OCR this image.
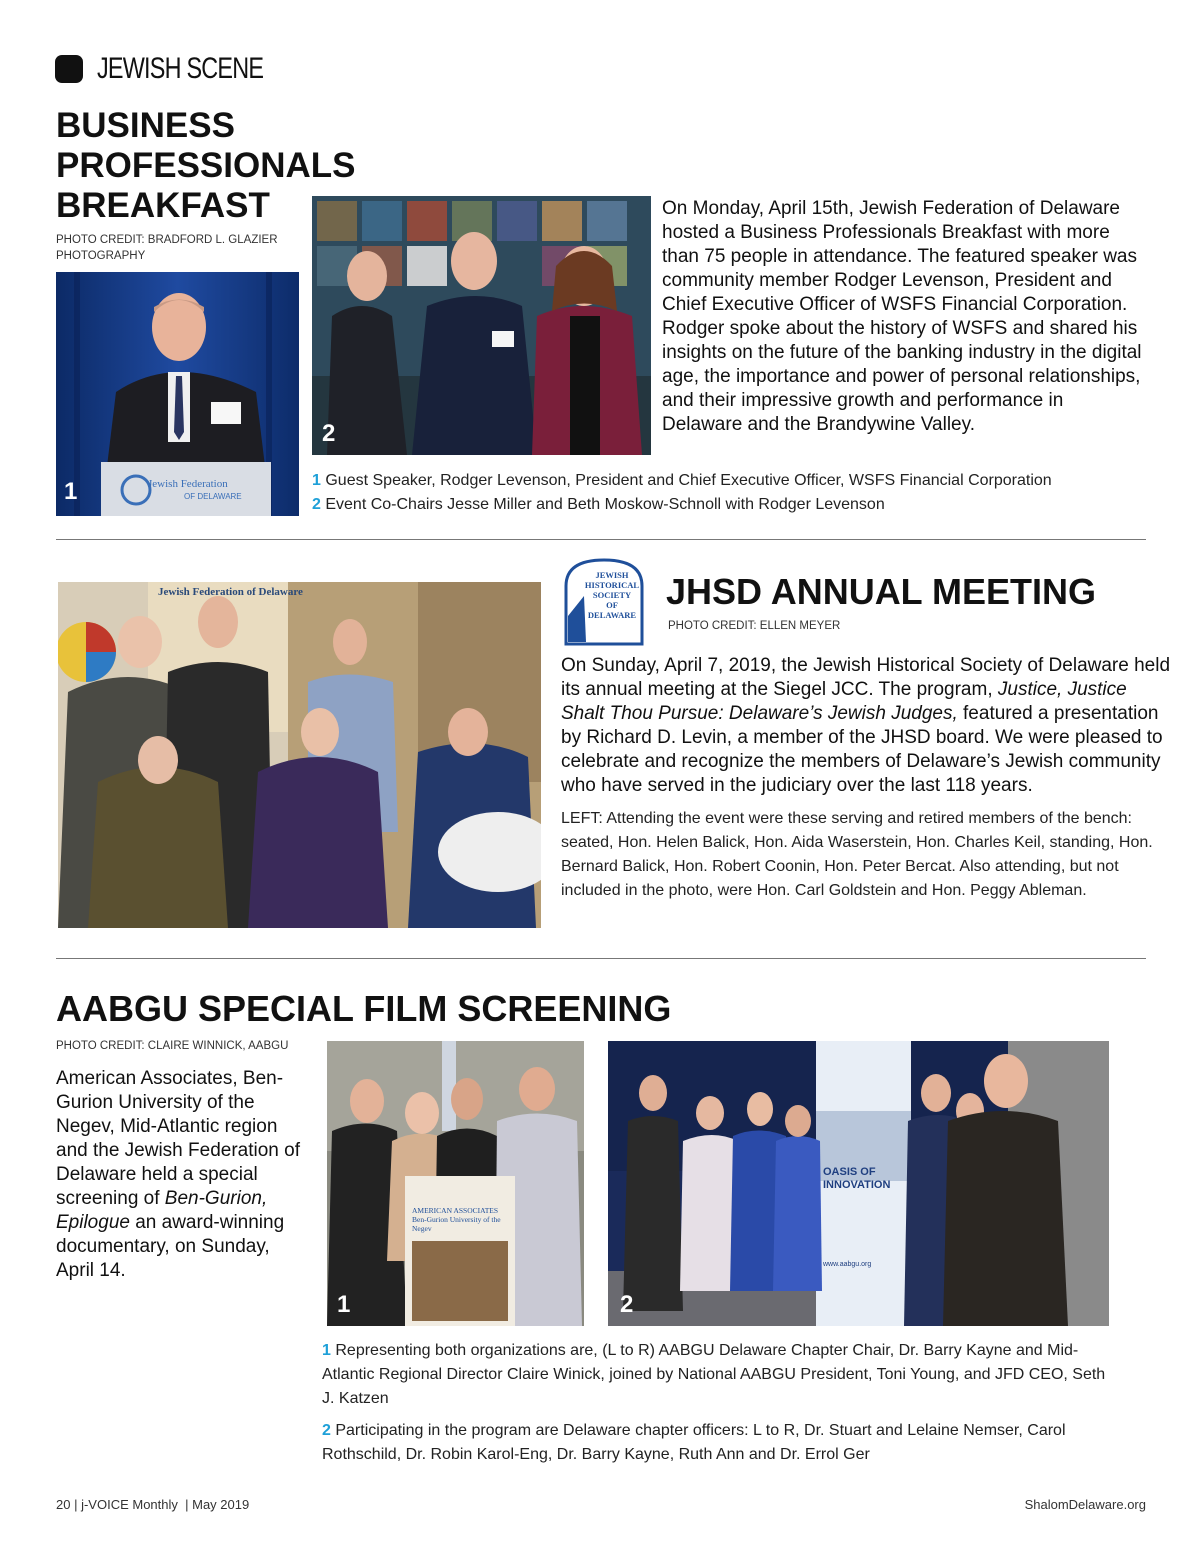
JEWISH SCENE
BUSINESS
PROFESSIONALS
BREAKFAST
PHOTO CREDIT: BRADFORD L. GLAZIER
PHOTOGRAPHY
Jewish Federation
OF DELAWARE
1
2
On Monday, April 15th, Jewish Federation of Delaware hosted a Business Professionals Breakfast with more than 75 people in attendance. The featured speaker was community member Rodger Levenson, President and Chief Executive Officer of WSFS Financial Corporation. Rodger spoke about the history of WSFS and shared his insights on the future of the banking industry in the digital age, the importance and power of personal relationships, and their impressive growth and performance in Delaware and the Brandywine Valley.
1 Guest Speaker, Rodger Levenson, President and Chief Executive Officer, WSFS Financial Corporation
2 Event Co-Chairs Jesse Miller and Beth Moskow-Schnoll with Rodger Levenson
Jewish Federation of Delaware
JEWISH
HISTORICAL
SOCIETY
OF
DELAWARE
JHSD ANNUAL MEETING
PHOTO CREDIT: ELLEN MEYER
On Sunday, April 7, 2019, the Jewish Historical Society of Delaware held its annual meeting at the Siegel JCC. The program, Justice, Justice Shalt Thou Pursue: Delaware’s Jewish Judges, featured a presentation by Richard D. Levin, a member of the JHSD board. We were pleased to celebrate and recognize the members of Delaware’s Jewish community who have served in the judiciary over the last 118 years.
LEFT: Attending the event were these serving and retired members of the bench: seated, Hon. Helen Balick, Hon. Aida Waserstein, Hon. Charles Keil, standing, Hon. Bernard Balick, Hon. Robert Coonin, Hon. Peter Bercat. Also attending, but not included in the photo, were Hon. Carl Goldstein and Hon. Peggy Ableman.
AABGU SPECIAL FILM SCREENING
PHOTO CREDIT: CLAIRE WINNICK, AABGU
American Associates, Ben-Gurion University of the Negev, Mid-Atlantic region and the Jewish Federation of Delaware held a special screening of Ben-Gurion, Epilogue an award-winning documentary, on Sunday, April 14.
AMERICAN ASSOCIATES
Ben-Gurion University of the Negev
1
OASIS OF INNOVATION
www.aabgu.org
2
1 Representing both organizations are, (L to R) AABGU Delaware Chapter Chair, Dr. Barry Kayne and Mid-Atlantic Regional Director Claire Winick, joined by National AABGU President, Toni Young, and JFD CEO, Seth J. Katzen
2 Participating in the program are Delaware chapter officers: L to R, Dr. Stuart and Lelaine Nemser, Carol Rothschild, Dr. Robin Karol-Eng, Dr. Barry Kayne, Ruth Ann and Dr. Errol Ger
20 | j-VOICE Monthly  | May 2019	ShalomDelaware.org
